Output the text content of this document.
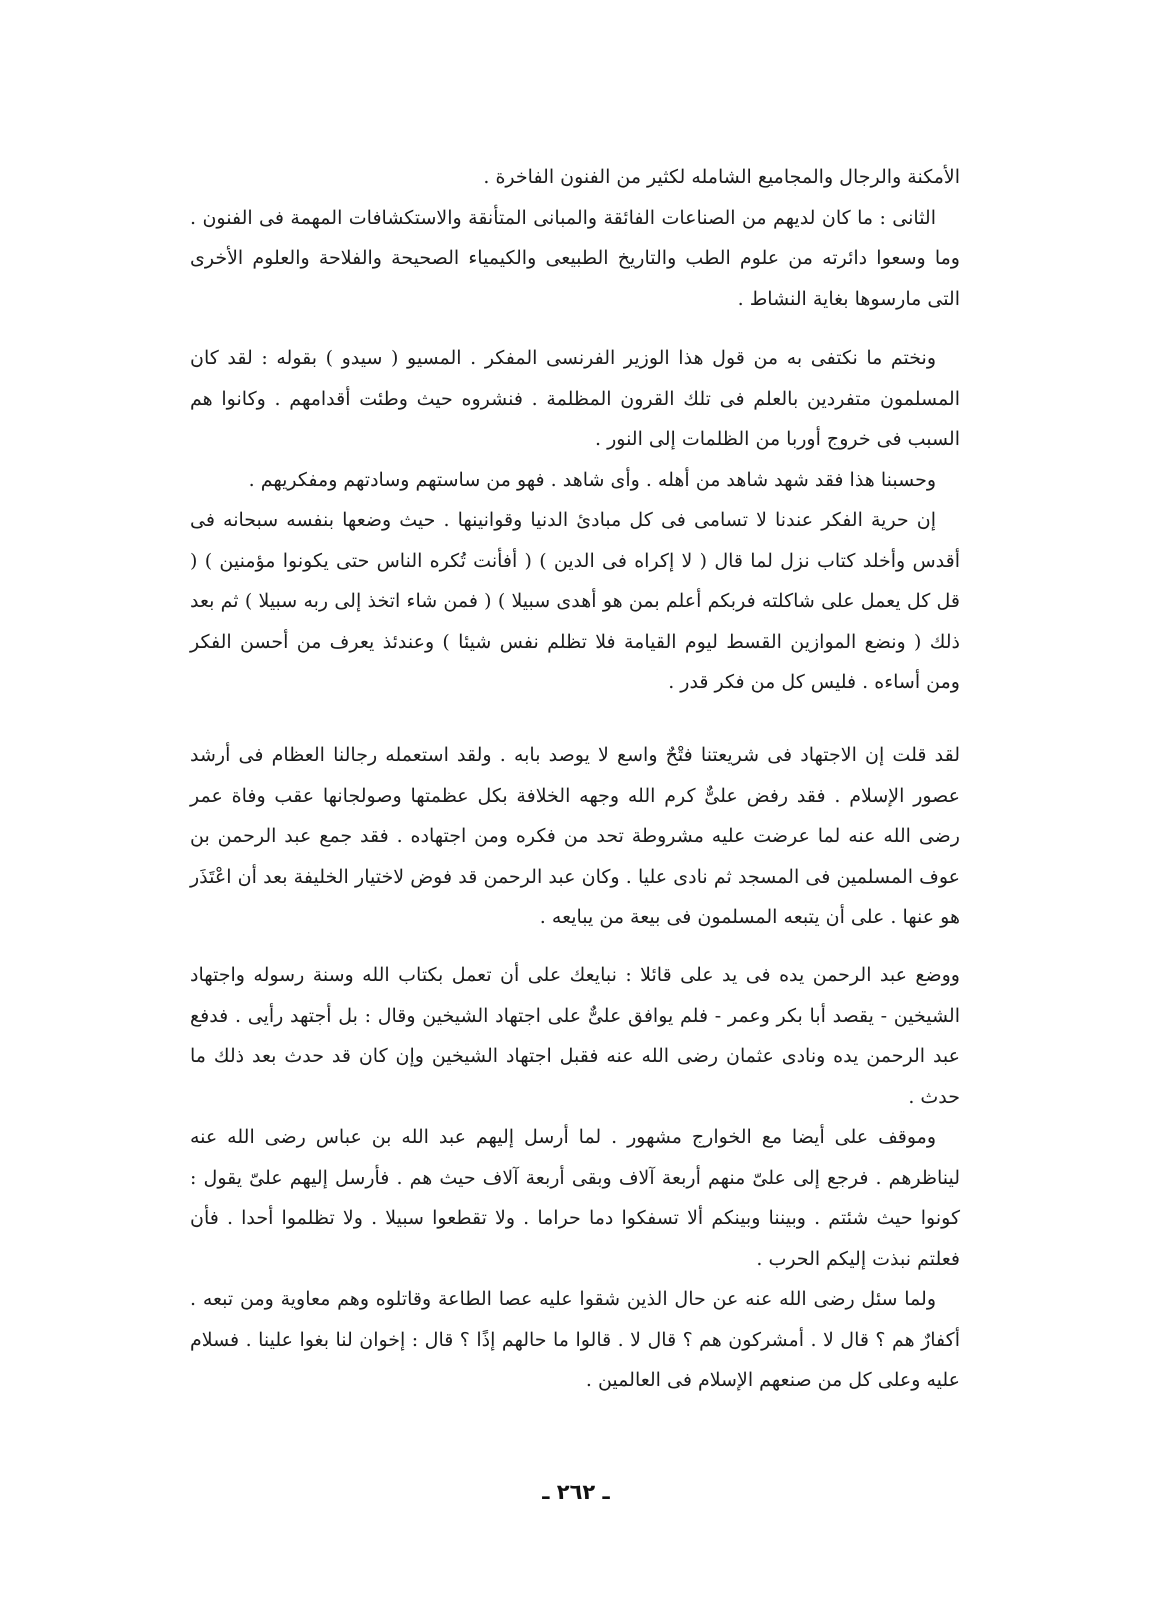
الأمكنة والرجال والمجاميع الشامله لكثير من الفنون الفاخرة .

الثانى : ما كان لديهم من الصناعات الفائقة والمبانى المتأنقة والاستكشافات المهمة فى الفنون . وما وسعوا دائرته من علوم الطب والتاريخ الطبيعى والكيمياء الصحيحة والفلاحة والعلوم الأخرى التى مارسوها بغاية النشاط .

ونختم ما نكتفى به من قول هذا الوزير الفرنسى المفكر . المسيو ( سيدو ) بقوله : لقد كان المسلمون متفردين بالعلم فى تلك القرون المظلمة . فنشروه حيث وطئت أقدامهم . وكانوا هم السبب فى خروج أوربا من الظلمات إلى النور .

وحسبنا هذا فقد شهد شاهد من أهله . وأى شاهد . فهو من ساستهم وسادتهم ومفكريهم .

إن حرية الفكر عندنا لا تسامى فى كل مبادئ الدنيا وقوانينها . حيث وضعها بنفسه سبحانه فى أقدس وأخلد كتاب نزل لما قال ( لا إكراه فى الدين ) ( أفأنت تُكره الناس حتى يكونوا مؤمنين ) ( قل كل يعمل على شاكلته فربكم أعلم بمن هو أهدى سبيلا ) ( فمن شاء اتخذ إلى ربه سبيلا ) ثم بعد ذلك ( ونضع الموازين القسط ليوم القيامة فلا تظلم نفس شيئا ) وعندئذ يعرف من أحسن الفكر ومن أساءه . فليس كل من فكر قدر .

لقد قلت إن الاجتهاد فى شريعتنا فتْحٌ واسع لا يوصد بابه . ولقد استعمله رجالنا العظام فى أرشد عصور الإسلام . فقد رفض علىٌّ كرم الله وجهه الخلافة بكل عظمتها وصولجانها عقب وفاة عمر رضى الله عنه لما عرضت عليه مشروطة تحد من فكره ومن اجتهاده . فقد جمع عبد الرحمن بن عوف المسلمين فى المسجد ثم نادى عليا . وكان عبد الرحمن قد فوض لاختيار الخليفة بعد أن اعْتَذَر هو عنها . على أن يتبعه المسلمون فى بيعة من يبايعه .

ووضع عبد الرحمن يده فى يد على قائلا : نبايعك على أن تعمل بكتاب الله وسنة رسوله واجتهاد الشيخين - يقصد أبا بكر وعمر - فلم يوافق علىٌّ على اجتهاد الشيخين وقال : بل أجتهد رأيى . فدفع عبد الرحمن يده ونادى عثمان رضى الله عنه فقبل اجتهاد الشيخين وإن كان قد حدث بعد ذلك ما حدث .

وموقف على أيضا مع الخوارج مشهور . لما أرسل إليهم عبد الله بن عباس رضى الله عنه ليناظرهم . فرجع إلى علىّ منهم أربعة آلاف وبقى أربعة آلاف حيث هم . فأرسل إليهم علىّ يقول : كونوا حيث شئتم . وبيننا وبينكم ألا تسفكوا دما حراما . ولا تقطعوا سبيلا . ولا تظلموا أحدا . فأن فعلتم نبذت إليكم الحرب .

ولما سئل رضى الله عنه عن حال الذين شقوا عليه عصا الطاعة وقاتلوه وهم معاوية ومن تبعه . أكفارٌ هم ؟ قال لا . أمشركون هم ؟ قال لا . قالوا ما حالهم إذًا ؟ قال : إخوان لنا بغوا علينا . فسلام عليه وعلى كل من صنعهم الإسلام فى العالمين .

ـ ٢٦٢ ـ
